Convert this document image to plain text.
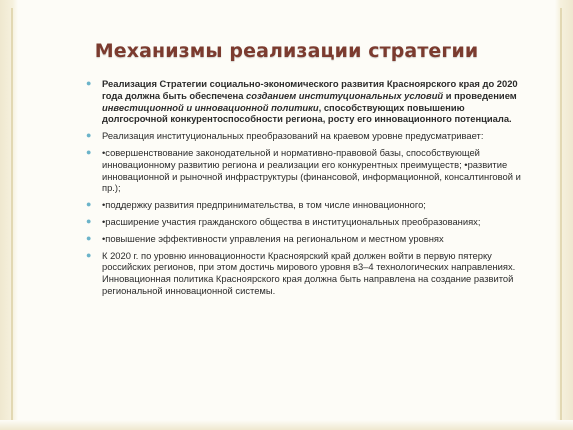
Механизмы реализации стратегии
● Реализация Стратегии социально-экономического развития Красноярского края до 2020 года должна быть обеспечена созданием институциональных условий и проведением инвестиционной и инновационной политики, способствующих повышению долгосрочной конкурентоспособности региона, росту его инновационного потенциала.
● Реализация институциональных преобразований на краевом уровне предусматривает:
● •совершенствование законодательной и нормативно-правовой базы, способствующей инновационному развитию региона и реализации его конкурентных преимуществ; •развитие инновационной и рыночной инфраструктуры (финансовой, информационной, консалтинговой и пр.);
● •поддержку развития предпринимательства, в том числе инновационного;
● •расширение участия гражданского общества в институциональных преобразованиях;
● •повышение эффективности управления на региональном и местном уровнях
● К 2020 г. по уровню инновационности Красноярский край должен войти в первую пятерку российских регионов, при этом достичь мирового уровня в3–4 технологических направлениях. Инновационная политика Красноярского края должна быть направлена на создание развитой региональной инновационной системы.
